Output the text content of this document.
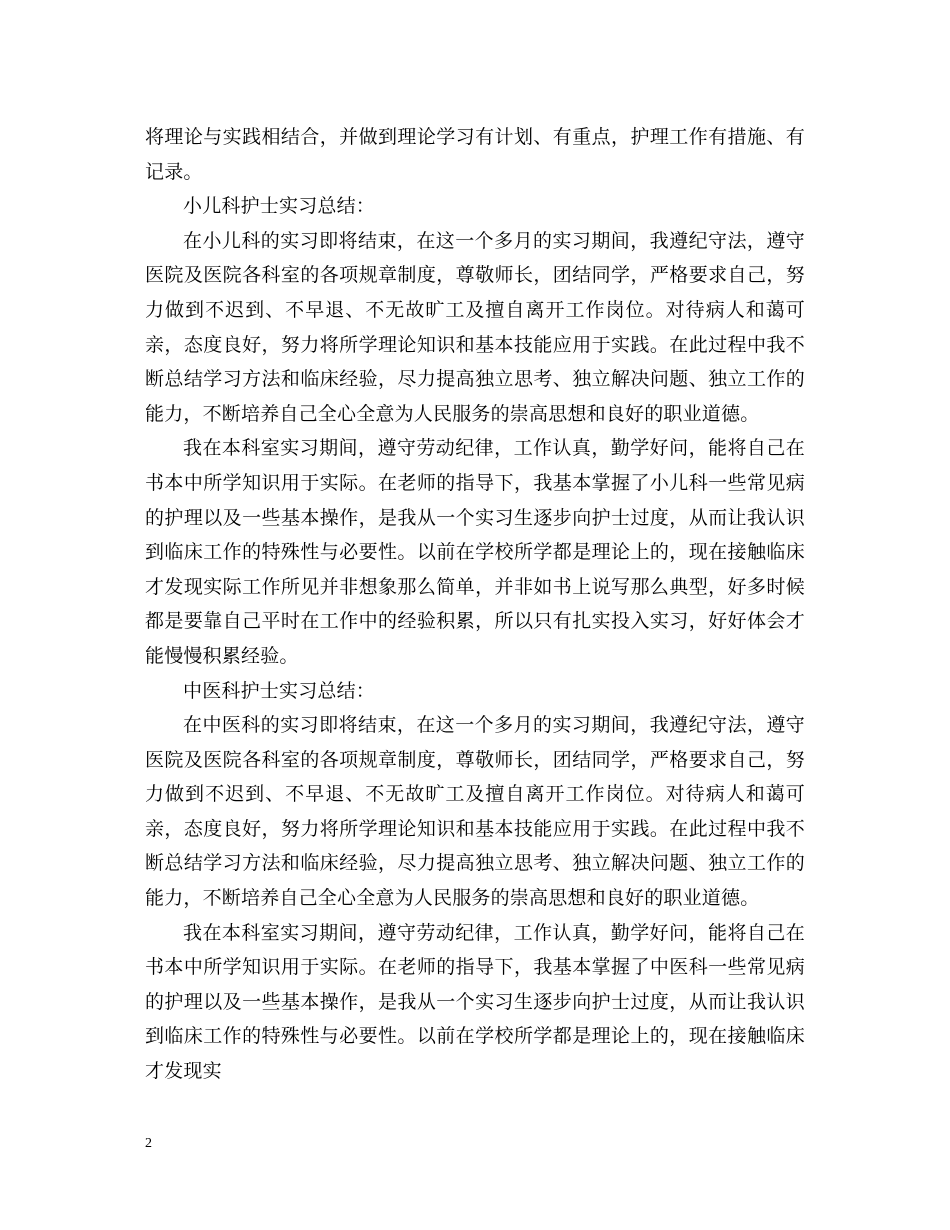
将理论与实践相结合，并做到理论学习有计划、有重点，护理工作有措施、有记录。

小儿科护士实习总结：

在小儿科的实习即将结束，在这一个多月的实习期间，我遵纪守法，遵守医院及医院各科室的各项规章制度，尊敬师长，团结同学，严格要求自己，努力做到不迟到、不早退、不无故旷工及擅自离开工作岗位。对待病人和蔼可亲，态度良好，努力将所学理论知识和基本技能应用于实践。在此过程中我不断总结学习方法和临床经验，尽力提高独立思考、独立解决问题、独立工作的能力，不断培养自己全心全意为人民服务的崇高思想和良好的职业道德。

我在本科室实习期间，遵守劳动纪律，工作认真，勤学好问，能将自己在书本中所学知识用于实际。在老师的指导下，我基本掌握了小儿科一些常见病的护理以及一些基本操作，是我从一个实习生逐步向护士过度，从而让我认识到临床工作的特殊性与必要性。以前在学校所学都是理论上的，现在接触临床才发现实际工作所见并非想象那么简单，并非如书上说写那么典型，好多时候都是要靠自己平时在工作中的经验积累，所以只有扎实投入实习，好好体会才能慢慢积累经验。

中医科护士实习总结：

在中医科的实习即将结束，在这一个多月的实习期间，我遵纪守法，遵守医院及医院各科室的各项规章制度，尊敬师长，团结同学，严格要求自己，努力做到不迟到、不早退、不无故旷工及擅自离开工作岗位。对待病人和蔼可亲，态度良好，努力将所学理论知识和基本技能应用于实践。在此过程中我不断总结学习方法和临床经验，尽力提高独立思考、独立解决问题、独立工作的能力，不断培养自己全心全意为人民服务的崇高思想和良好的职业道德。

我在本科室实习期间，遵守劳动纪律，工作认真，勤学好问，能将自己在书本中所学知识用于实际。在老师的指导下，我基本掌握了中医科一些常见病的护理以及一些基本操作，是我从一个实习生逐步向护士过度，从而让我认识到临床工作的特殊性与必要性。以前在学校所学都是理论上的，现在接触临床才发现实

2
